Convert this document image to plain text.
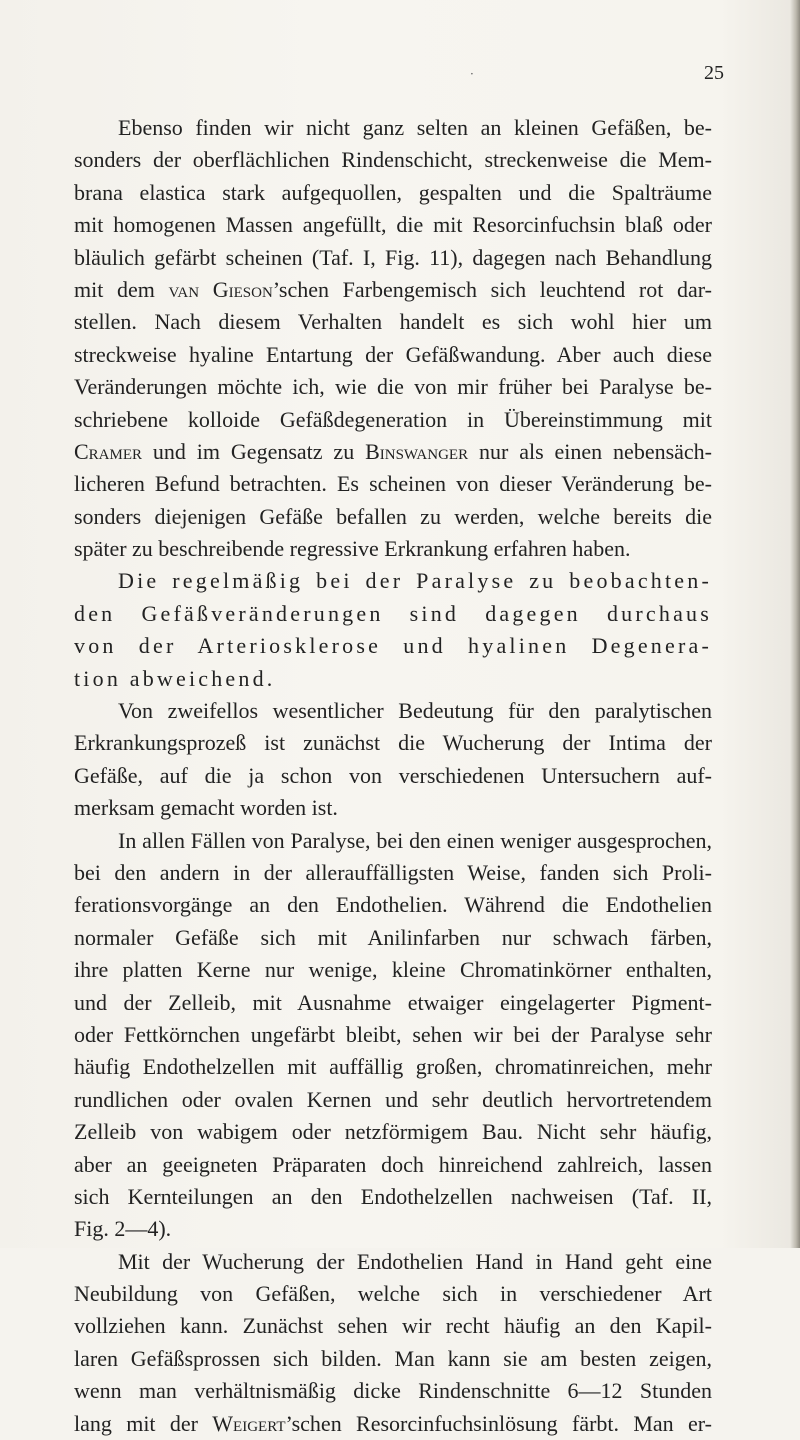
·	25
Ebenso finden wir nicht ganz selten an kleinen Gefäßen, be-
sonders der oberflächlichen Rindenschicht, streckenweise die Mem-
brana elastica stark aufgequollen, gespalten und die Spalträume
mit homogenen Massen angefüllt, die mit Resorcinfuchsin blaß oder
bläulich gefärbt scheinen (Taf. I, Fig. 11), dagegen nach Behandlung
mit dem van Gieson’schen Farbengemisch sich leuchtend rot dar-
stellen. Nach diesem Verhalten handelt es sich wohl hier um
streckweise hyaline Entartung der Gefäßwandung. Aber auch diese
Veränderungen möchte ich, wie die von mir früher bei Paralyse be-
schriebene kolloide Gefäßdegeneration in Übereinstimmung mit
Cramer und im Gegensatz zu Binswanger nur als einen nebensäch-
licheren Befund betrachten. Es scheinen von dieser Veränderung be-
sonders diejenigen Gefäße befallen zu werden, welche bereits die
später zu beschreibende regressive Erkrankung erfahren haben.
Die regelmäßig bei der Paralyse zu beobachten-
den Gefäßveränderungen sind dagegen durchaus
von der Arteriosklerose und hyalinen Degenera-
tion abweichend.
Von zweifellos wesentlicher Bedeutung für den paralytischen
Erkrankungsprozeß ist zunächst die Wucherung der Intima der
Gefäße, auf die ja schon von verschiedenen Untersuchern auf-
merksam gemacht worden ist.
In allen Fällen von Paralyse, bei den einen weniger ausgesprochen,
bei den andern in der allerauffälligsten Weise, fanden sich Proli-
ferationsvorgänge an den Endothelien. Während die Endothelien
normaler Gefäße sich mit Anilinfarben nur schwach färben,
ihre platten Kerne nur wenige, kleine Chromatinkörner enthalten,
und der Zelleib, mit Ausnahme etwaiger eingelagerter Pigment-
oder Fettkörnchen ungefärbt bleibt, sehen wir bei der Paralyse sehr
häufig Endothelzellen mit auffällig großen, chromatinreichen, mehr
rundlichen oder ovalen Kernen und sehr deutlich hervortretendem
Zelleib von wabigem oder netzförmigem Bau. Nicht sehr häufig,
aber an geeigneten Präparaten doch hinreichend zahlreich, lassen
sich Kernteilungen an den Endothelzellen nachweisen (Taf. II,
Fig. 2—4).
Mit der Wucherung der Endothelien Hand in Hand geht eine
Neubildung von Gefäßen, welche sich in verschiedener Art
vollziehen kann. Zunächst sehen wir recht häufig an den Kapil-
laren Gefäßsprossen sich bilden. Man kann sie am besten zeigen,
wenn man verhältnismäßig dicke Rindenschnitte 6—12 Stunden
lang mit der Weigert’schen Resorcinfuchsinlösung färbt. Man er-
